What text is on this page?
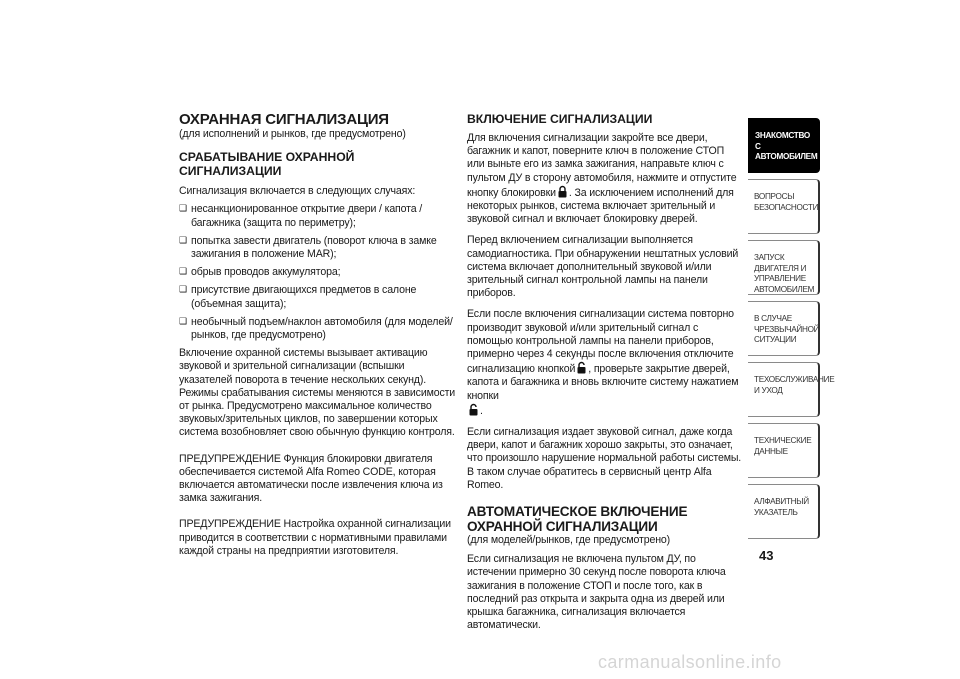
ОХРАННАЯ СИГНАЛИЗАЦИЯ
(для исполнений и рынков, где предусмотрено)
СРАБАТЫВАНИЕ ОХРАННОЙ СИГНАЛИЗАЦИИ

Сигнализация включается в следующих случаях:

❑ несанкционированное открытие двери / капота / багажника (защита по периметру);
❑ попытка завести двигатель (поворот ключа в замке зажигания в положение MAR);
❑ обрыв проводов аккумулятора;
❑ присутствие двигающихся предметов в салоне (объемная защита);
❑ необычный подъем/наклон автомобиля (для моделей/рынков, где предусмотрено)

Включение охранной системы вызывает активацию звуковой и зрительной сигнализации (вспышки указателей поворота в течение нескольких секунд). Режимы срабатывания системы меняются в зависимости от рынка. Предусмотрено максимальное количество звуковых/зрительных циклов, по завершении которых система возобновляет свою обычную функцию контроля.

ПРЕДУПРЕЖДЕНИЕ Функция блокировки двигателя обеспечивается системой Alfa Romeo CODE, которая включается автоматически после извлечения ключа из замка зажигания.

ПРЕДУПРЕЖДЕНИЕ Настройка охранной сигнализации приводится в соответствии с нормативными правилами каждой страны на предприятии изготовителя.

ВКЛЮЧЕНИЕ СИГНАЛИЗАЦИИ

Для включения сигнализации закройте все двери, багажник и капот, поверните ключ в положение СТОП или выньте его из замка зажигания, направьте ключ с пультом ДУ в сторону автомобиля, нажмите и отпустите кнопку блокировки . За исключением исполнений для некоторых рынков, система включает зрительный и звуковой сигнал и включает блокировку дверей.

Перед включением сигнализации выполняется самодиагностика. При обнаружении нештатных условий система включает дополнительный звуковой и/или зрительный сигнал контрольной лампы на панели приборов.

Если после включения сигнализации система повторно производит звуковой и/или зрительный сигнал с помощью контрольной лампы на панели приборов, примерно через 4 секунды после включения отключите сигнализацию кнопкой , проверьте закрытие дверей, капота и багажника и вновь включите систему нажатием кнопки
.

Если сигнализация издает звуковой сигнал, даже когда двери, капот и багажник хорошо закрыты, это означает, что произошло нарушение нормальной работы системы. В таком случае обратитесь в сервисный центр Alfa Romeo.

АВТОМАТИЧЕСКОЕ ВКЛЮЧЕНИЕ ОХРАННОЙ СИГНАЛИЗАЦИИ
(для моделей/рынков, где предусмотрено)

Если сигнализация не включена пультом ДУ, по истечении примерно 30 секунд после поворота ключа зажигания в положение СТОП и после того, как в последний раз открыта и закрыта одна из дверей или крышка багажника, сигнализация включается автоматически.

ЗНАКОМСТВО С АВТОМОБИЛЕМ
ВОПРОСЫ БЕЗОПАСНОСТИ
ЗАПУСК ДВИГАТЕЛЯ И УПРАВЛЕНИЕ АВТОМОБИЛЕМ
В СЛУЧАЕ ЧРЕЗВЫЧАЙНОЙ СИТУАЦИИ
ТЕХОБСЛУЖИВАНИЕ И УХОД
ТЕХНИЧЕСКИЕ ДАННЫЕ
АЛФАВИТНЫЙ УКАЗАТЕЛЬ
43
carmanualsonline.info
